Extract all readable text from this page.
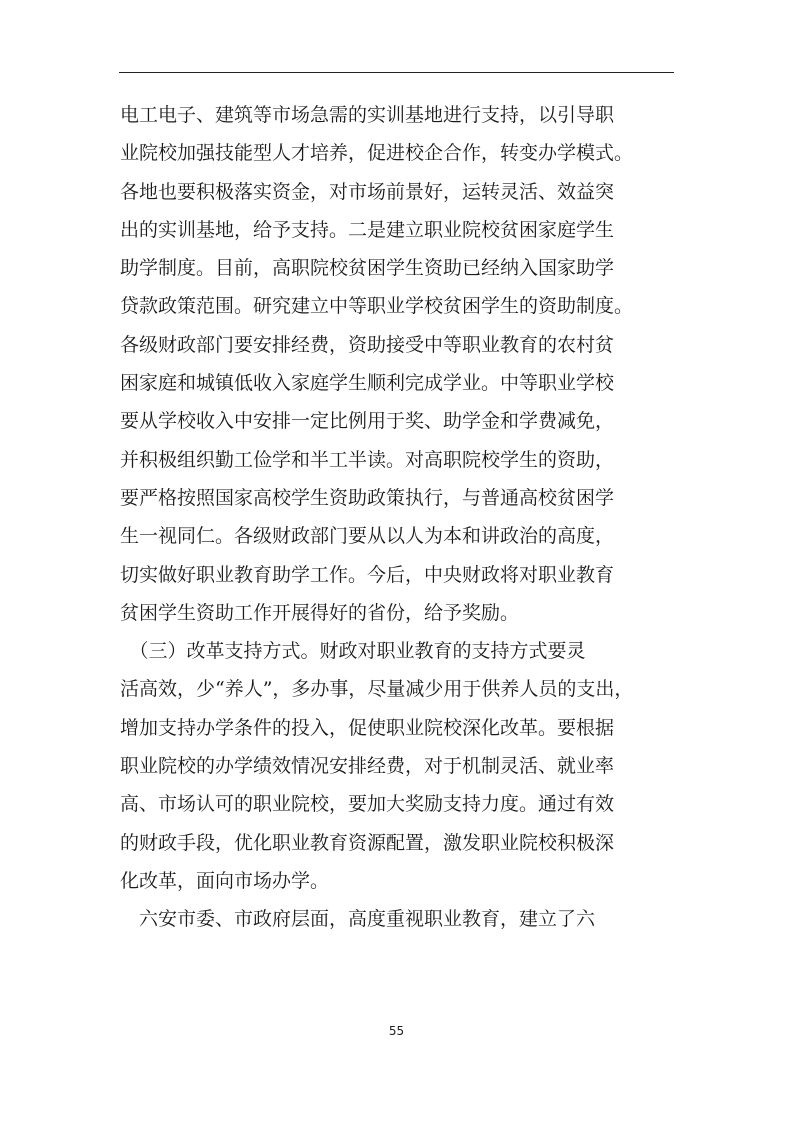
电工电子、建筑等市场急需的实训基地进行支持，以引导职
业院校加强技能型人才培养，促进校企合作，转变办学模式。
各地也要积极落实资金，对市场前景好，运转灵活、效益突
出的实训基地，给予支持。二是建立职业院校贫困家庭学生
助学制度。目前，高职院校贫困学生资助已经纳入国家助学
贷款政策范围。研究建立中等职业学校贫困学生的资助制度。
各级财政部门要安排经费，资助接受中等职业教育的农村贫
困家庭和城镇低收入家庭学生顺利完成学业。中等职业学校
要从学校收入中安排一定比例用于奖、助学金和学费减免，
并积极组织勤工俭学和半工半读。对高职院校学生的资助，
要严格按照国家高校学生资助政策执行，与普通高校贫困学
生一视同仁。各级财政部门要从以人为本和讲政治的高度，
切实做好职业教育助学工作。今后，中央财政将对职业教育
贫困学生资助工作开展得好的省份，给予奖励。

　（三）改革支持方式。财政对职业教育的支持方式要灵
活高效，少“养人”，多办事，尽量减少用于供养人员的支出，
增加支持办学条件的投入，促使职业院校深化改革。要根据
职业院校的办学绩效情况安排经费，对于机制灵活、就业率
高、市场认可的职业院校，要加大奖励支持力度。通过有效
的财政手段，优化职业教育资源配置，激发职业院校积极深
化改革，面向市场办学。

　六安市委、市政府层面，高度重视职业教育，建立了六

55
